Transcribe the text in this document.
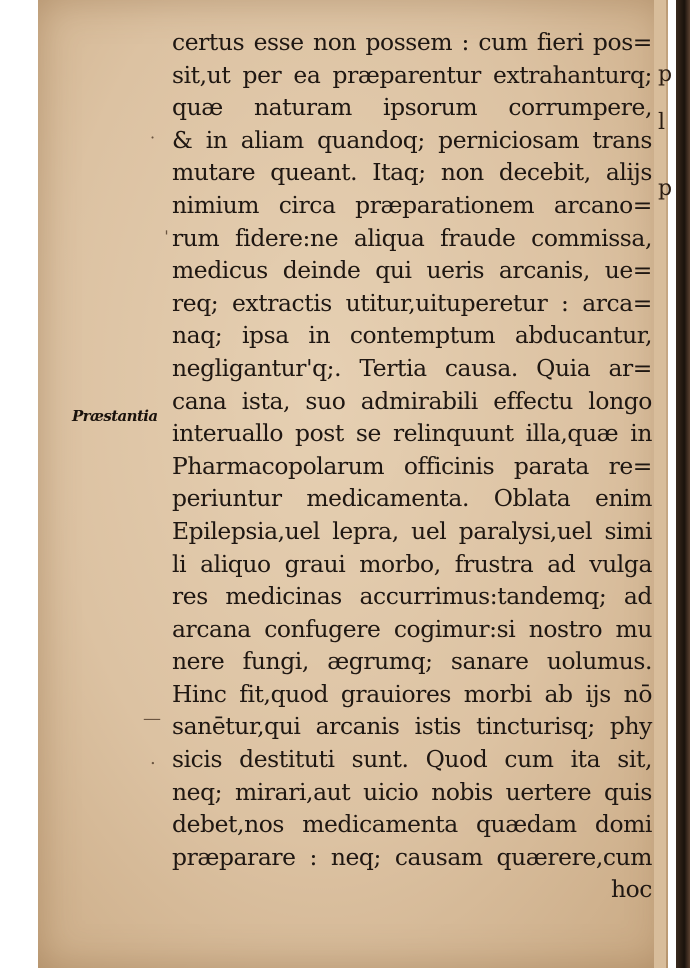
p
p
l
·
ˈ
—
.
Præstantia
certus esse non possem : cum fieri pos=
sit,ut per ea præparentur extrahanturq;
quæ naturam ipsorum corrumpere,
& in aliam quandoq; perniciosam trans
mutare queant. Itaq; non decebit, alijs
nimium circa præparationem arcano=
rum fidere:ne aliqua fraude commissa,
medicus deinde qui ueris arcanis, ue=
req; extractis utitur,uituperetur : arca=
naq; ipsa in contemptum abducantur,
negligantur'q;. Tertia causa. Quia ar=
cana ista, suo admirabili effectu longo
interuallo post se relinquunt illa,quæ in
Pharmacopolarum officinis parata re=
periuntur medicamenta. Oblata enim
Epilepsia,uel lepra, uel paralysi,uel simi
li aliquo graui morbo, frustra ad vulga
res medicinas accurrimus:tandemq; ad
arcana confugere cogimur:si nostro mu
nere fungi, ægrumq; sanare uolumus.
Hinc fit,quod grauiores morbi ab ijs nō
sanētur,qui arcanis istis tincturisq; phy
sicis destituti sunt. Quod cum ita sit,
neq; mirari,aut uicio nobis uertere quis
debet,nos medicamenta quædam domi
præparare : neq; causam quærere,cum
hoc
